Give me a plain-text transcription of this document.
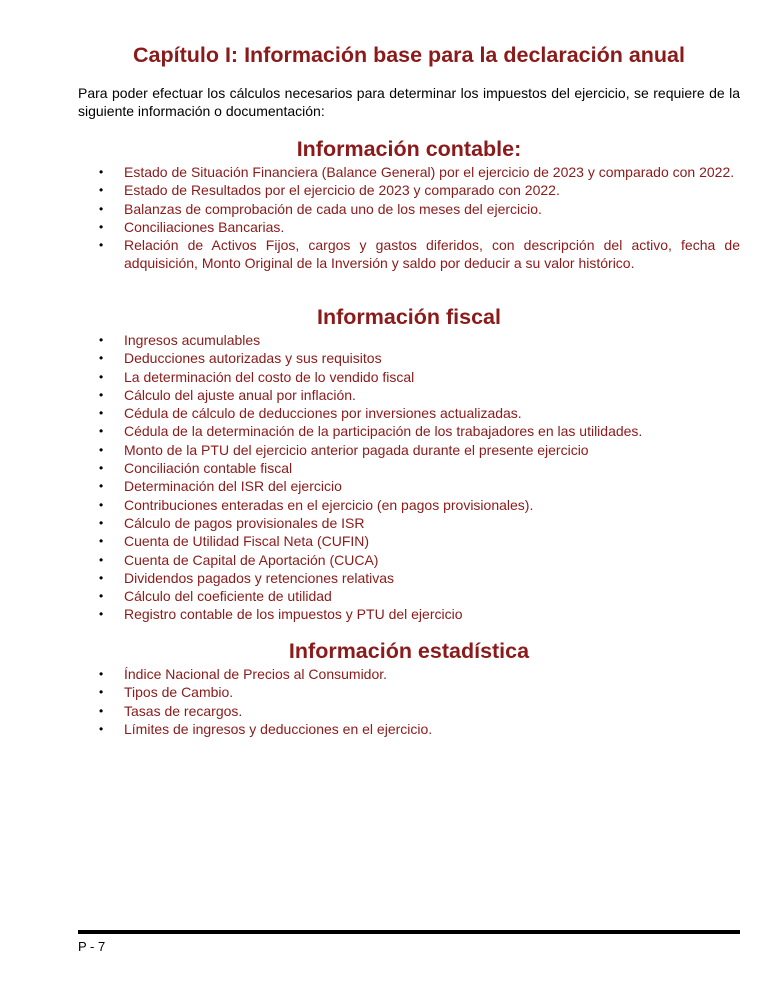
Capítulo I: Información base para la declaración anual

Para poder efectuar los cálculos necesarios para determinar los impuestos del ejercicio, se requiere de la siguiente información o documentación:

Información contable:
• Estado de Situación Financiera (Balance General) por el ejercicio de 2023 y comparado con 2022.
• Estado de Resultados por el ejercicio de 2023 y comparado con 2022.
• Balanzas de comprobación de cada uno de los meses del ejercicio.
• Conciliaciones Bancarias.
• Relación de Activos Fijos, cargos y gastos diferidos, con descripción del activo, fecha de adquisición, Monto Original de la Inversión y saldo por deducir a su valor histórico.
Información fiscal
• Ingresos acumulables
• Deducciones autorizadas y sus requisitos
• La determinación del costo de lo vendido fiscal
• Cálculo del ajuste anual por inflación.
• Cédula de cálculo de deducciones por inversiones actualizadas.
• Cédula de la determinación de la participación de los trabajadores en las utilidades.
• Monto de la PTU del ejercicio anterior pagada durante el presente ejercicio
• Conciliación contable fiscal
• Determinación del ISR del ejercicio
• Contribuciones enteradas en el ejercicio (en pagos provisionales).
• Cálculo de pagos provisionales de ISR
• Cuenta de Utilidad Fiscal Neta (CUFIN)
• Cuenta de Capital de Aportación (CUCA)
• Dividendos pagados y retenciones relativas
• Cálculo del coeficiente de utilidad
• Registro contable de los impuestos y PTU del ejercicio
Información estadística
• Índice Nacional de Precios al Consumidor.
• Tipos de Cambio.
• Tasas de recargos.
• Límites de ingresos y deducciones en el ejercicio.
P - 7
